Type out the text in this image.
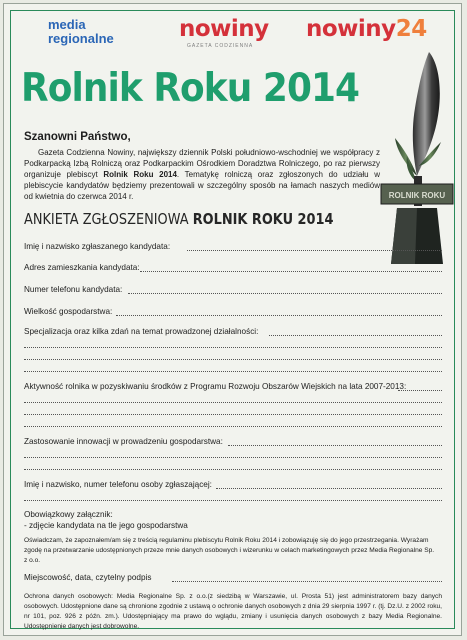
media
regionalne	nowiny
GAZETA CODZIENNA
nowiny24
Rolnik Roku 2014
ROLNIK ROKU
Szanowni Państwo,
Gazeta Codzienna Nowiny, największy dziennik Polski południowo-wschodniej we współpracy z Podkarpacką Izbą Rolniczą oraz Podkarpackim Ośrodkiem Doradztwa Rolniczego, po raz pierwszy organizuje plebiscyt Rolnik Roku 2014. Tematykę rolniczą oraz zgłoszonych do udziału w plebiscycie kandydatów będziemy prezentowali w szczególny sposób na łamach naszych mediów od kwietnia do czerwca 2014 r.
ANKIETA ZGŁOSZENIOWA ROLNIK ROKU 2014
Imię i nazwisko zgłaszanego kandydata:
Adres zamieszkania kandydata:
Numer telefonu kandydata:
Wielkość gospodarstwa:
Specjalizacja oraz kilka zdań na temat prowadzonej działalności:
Aktywność rolnika w pozyskiwaniu środków z Programu Rozwoju Obszarów Wiejskich na lata 2007-2013:
Zastosowanie innowacji w prowadzeniu gospodarstwa:
Imię i nazwisko, numer telefonu osoby zgłaszającej:
Obowiązkowy załącznik:
- zdjęcie kandydata na tle jego gospodarstwa
Oświadczam, że zapoznałem/am się z treścią regulaminu plebiscytu Rolnik Roku 2014 i zobowiązuję się do jego przestrzegania. Wyrażam zgodę na przetwarzanie udostępnionych przeze mnie danych osobowych i wizerunku w celach marketingowych przez Media Regionalne Sp. z o.o.
Miejscowość, data, czytelny podpis
Ochrona danych osobowych: Media Regionalne Sp. z o.o.(z siedzibą w Warszawie, ul. Prosta 51) jest administratorem bazy danych osobowych. Udostępnione dane są chronione zgodnie z ustawą o ochronie danych osobowych z dnia 29 sierpnia 1997 r. (tj. Dz.U. z 2002 roku, nr 101, poz. 926 z późn. zm.). Udostępniający ma prawo do wglądu, zmiany i usunięcia danych osobowych z bazy Media Regionalne. Udostępnienie danych jest dobrowolne.
